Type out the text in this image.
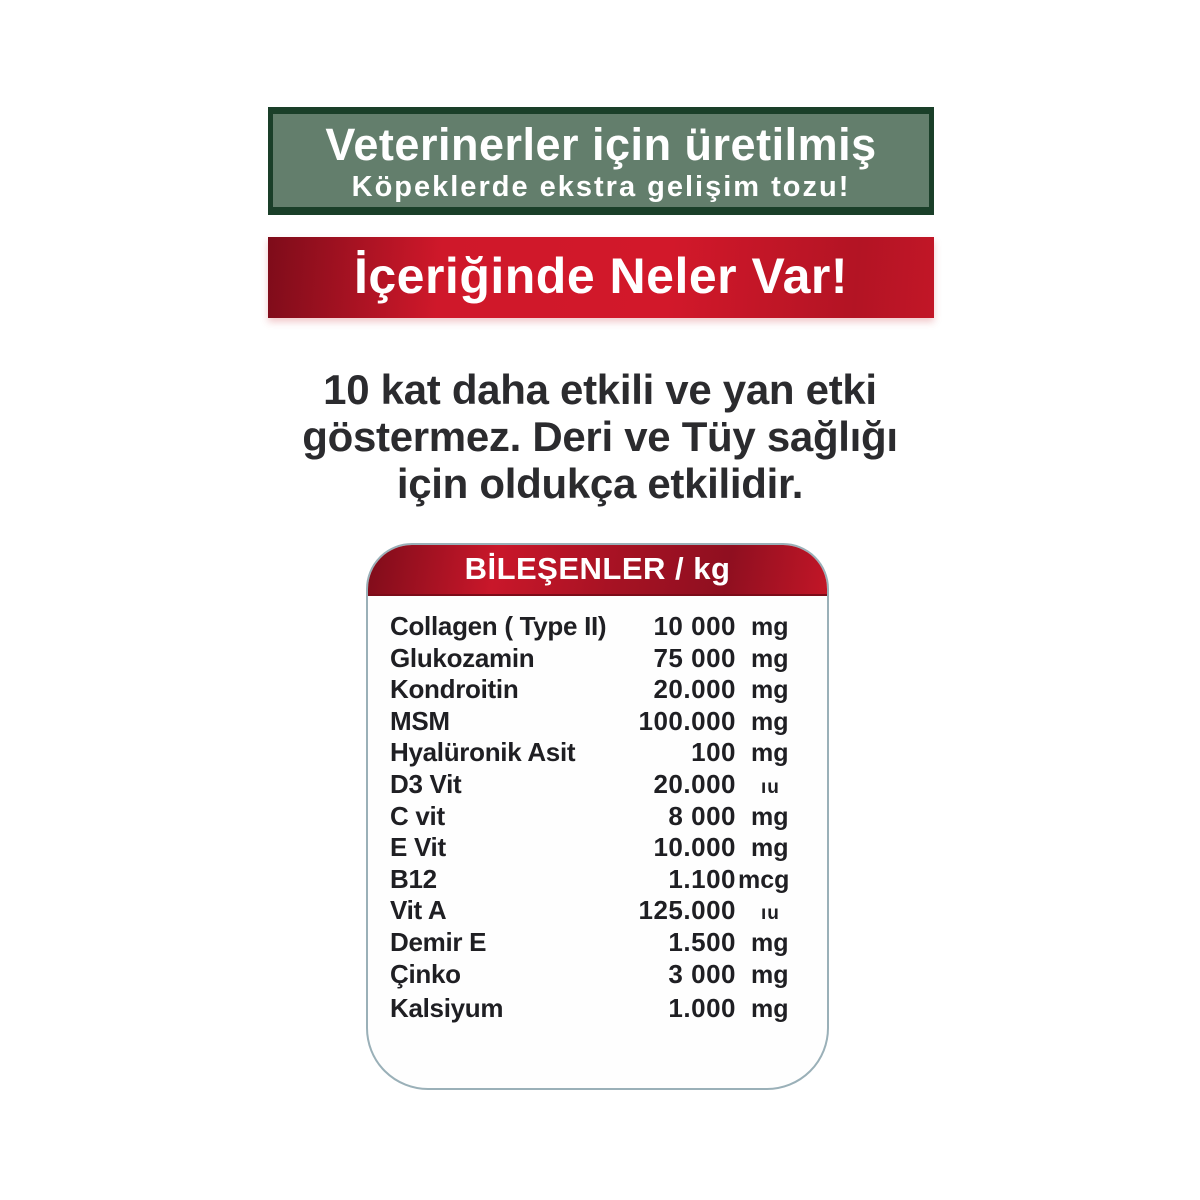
Veterinerler için üretilmiş
Köpeklerde ekstra gelişim tozu!
İçeriğinde Neler Var!
10 kat daha etkili ve yan etki
göstermez. Deri ve Tüy sağlığı
için oldukça etkilidir.
BİLEŞENLER / kg
Collagen ( Type II)	10 000 mg
Glukozamin	75 000 mg
Kondroitin	20.000 mg
MSM	100.000 mg
Hyalüronik Asit	100 mg
D3 Vit	20.000	ıu
C vit	8 000 mg
E Vit	10.000 mg
B12	1.100 mcg
Vit A	125.000	ıu
Demir E	1.500 mg
Çinko	3 000 mg
Kalsiyum	1.000 mg
